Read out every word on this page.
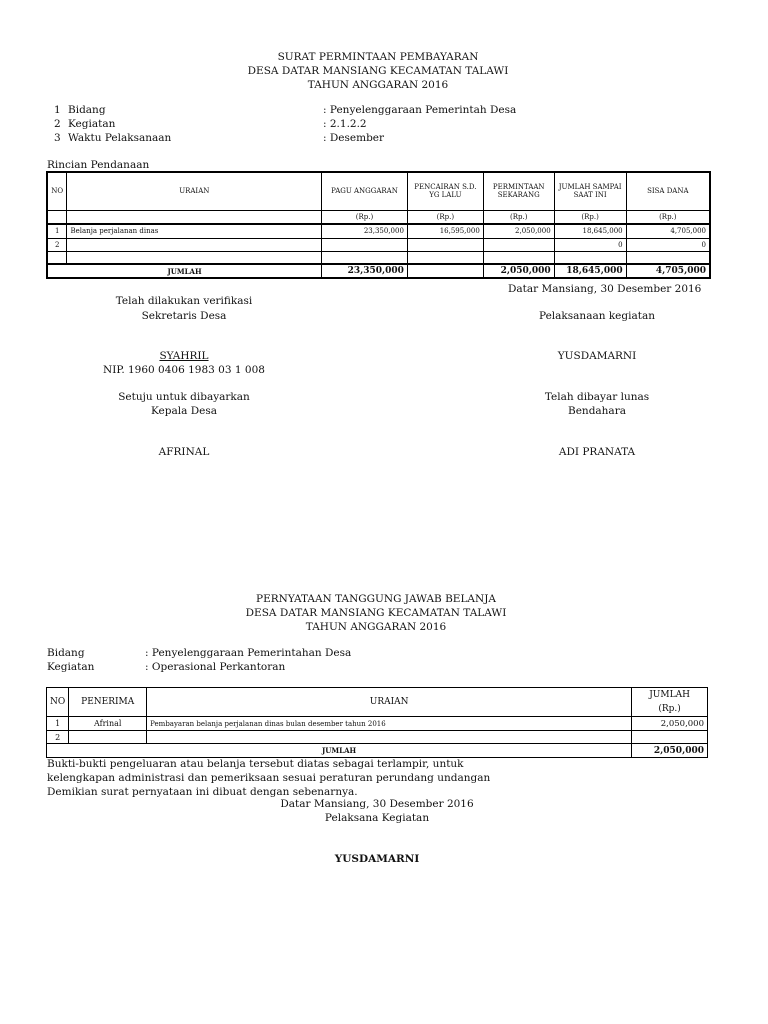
SURAT PERMINTAAN PEMBAYARAN
DESA DATAR MANSIANG KECAMATAN TALAWI
TAHUN ANGGARAN 2016
1 Bidang	: Penyelenggaraan Pemerintah Desa
2 Kegiatan	: 2.1.2.2
3 Waktu Pelaksanaan	: Desember
Rincian Pendanaan
NO	URAIAN	PAGU ANGGARAN	PENCAIRAN S.D. YG LALU	PERMINTAAN SEKARANG	JUMLAH SAMPAI SAAT INI	SISA DANA
		(Rp.)	(Rp.)	(Rp.)	(Rp.)	(Rp.)
1	Belanja perjalanan dinas	23,350,000	16,595,000	2,050,000	18,645,000	4,705,000
2					0	0

JUMLAH		23,350,000		2,050,000	18,645,000	4,705,000
Datar Mansiang, 30 Desember 2016
Telah dilakukan verifikasi
Sekretaris Desa
SYAHRIL
NIP. 1960 0406 1983 03 1 008
Pelaksanaan kegiatan
YUSDAMARNI
Setuju untuk dibayarkan
Kepala Desa
AFRINAL
Telah dibayar lunas
Bendahara
ADI PRANATA
PERNYATAAN TANGGUNG JAWAB BELANJA
DESA DATAR MANSIANG KECAMATAN TALAWI
TAHUN ANGGARAN 2016
Bidang	: Penyelenggaraan Pemerintahan Desa
Kegiatan	: Operasional Perkantoran
NO	PENERIMA	URAIAN	JUMLAH
(Rp.)

1	Afrinal	Pembayaran belanja perjalanan dinas bulan desember tahun 2016	2,050,000
2			
JUMLAH			2,050,000
Bukti-bukti pengeluaran atau belanja tersebut diatas sebagai terlampir, untuk
kelengkapan administrasi dan pemeriksaan sesuai peraturan perundang undangan
Demikian surat pernyataan ini dibuat dengan sebenarnya.
Datar Mansiang, 30 Desember 2016
Pelaksana Kegiatan
YUSDAMARNI
